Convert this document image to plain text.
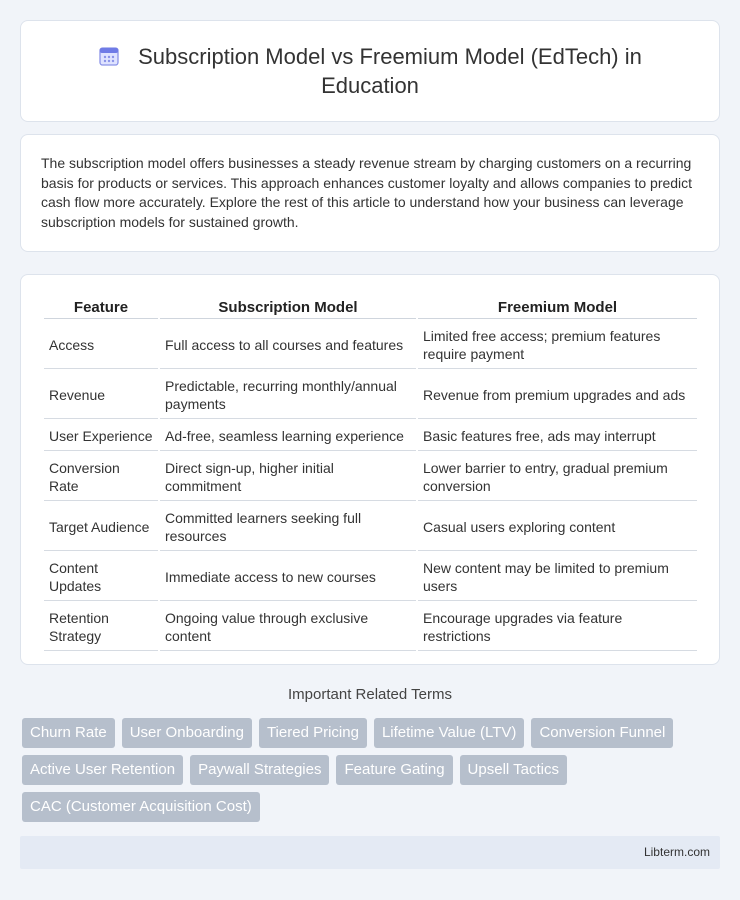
Subscription Model vs Freemium Model (EdTech) in Education

The subscription model offers businesses a steady revenue stream by charging customers on a recurring basis for products or services. This approach enhances customer loyalty and allows companies to predict cash flow more accurately. Explore the rest of this article to understand how your business can leverage subscription models for sustained growth.

Feature	Subscription Model	Freemium Model
Access	Full access to all courses and features	Limited free access; premium features require payment
Revenue	Predictable, recurring monthly/annual payments	Revenue from premium upgrades and ads
User Experience	Ad-free, seamless learning experience	Basic features free, ads may interrupt
Conversion Rate	Direct sign-up, higher initial commitment	Lower barrier to entry, gradual premium conversion
Target Audience	Committed learners seeking full resources	Casual users exploring content
Content Updates	Immediate access to new courses	New content may be limited to premium users
Retention Strategy	Ongoing value through exclusive content	Encourage upgrades via feature restrictions
Important Related Terms
Churn Rate	User Onboarding	Tiered Pricing	Lifetime Value (LTV)	Conversion Funnel
Active User Retention	Paywall Strategies	Feature Gating	Upsell Tactics
CAC (Customer Acquisition Cost)
Libterm.com
